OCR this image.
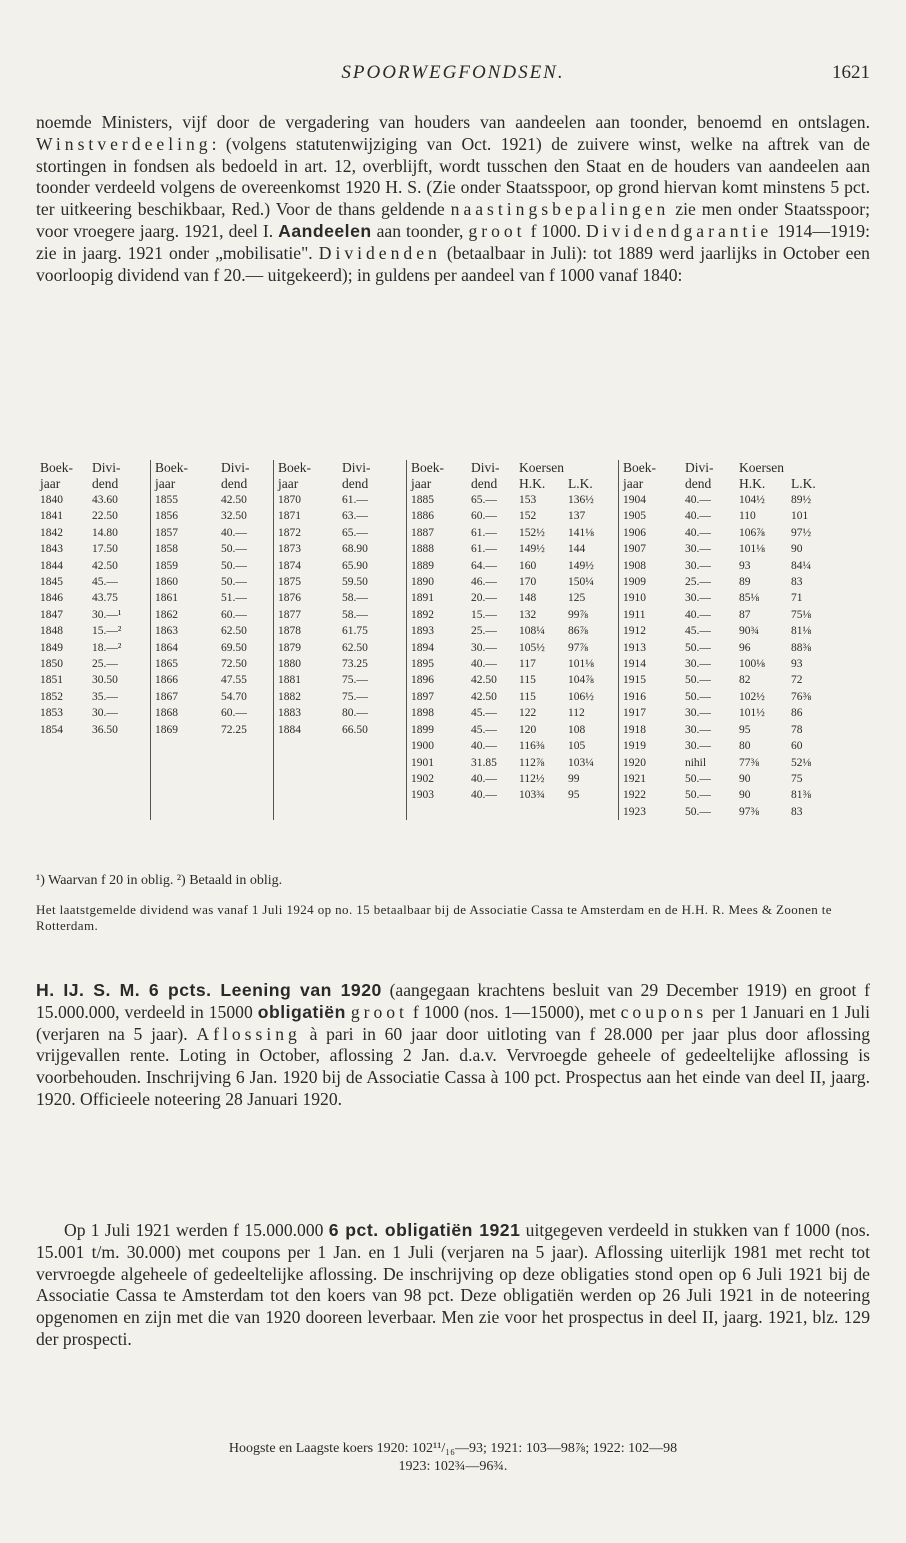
SPOORWEGFONDSEN.	1621
noemde Ministers, vijf door de vergadering van houders van aandeelen aan toonder, benoemd en ontslagen. Winstverdeeling: (volgens statutenwijziging van Oct. 1921) de zuivere winst, welke na aftrek van de stortingen in fondsen als bedoeld in art. 12, overblijft, wordt tusschen den Staat en de houders van aandeelen aan toonder verdeeld volgens de overeenkomst 1920 H. S. (Zie onder Staatsspoor, op grond hiervan komt minstens 5 pct. ter uitkeering beschikbaar, Red.) Voor de thans geldende naastingsbepalingen zie men onder Staatsspoor; voor vroegere jaarg. 1921, deel I. Aandeelen aan toonder, groot f 1000. Dividendgarantie 1914—1919: zie in jaarg. 1921 onder „mobilisatie". Dividenden (betaalbaar in Juli): tot 1889 werd jaarlijks in October een voorloopig dividend van f 20.— uitgekeerd); in guldens per aandeel van f 1000 vanaf 1840:
Boek-	Divi-	Boek-	Divi-	Boek-	Divi-	Boek-	Divi-	Koersen		Boek-	Divi-	Koersen	
jaar	dend	jaar	dend	jaar	dend	jaar	dend	H.K.	L.K.	jaar	dend	H.K.	L.K.
1840	43.60	1855	42.50	1870	61.—	1885	65.—	153	136½	1904	40.—	104½	89½
1841	22.50	1856	32.50	1871	63.—	1886	60.—	152	137	1905	40.—	110	101
1842	14.80	1857	40.—	1872	65.—	1887	61.—	152½	141⅛	1906	40.—	106⅞	97½
1843	17.50	1858	50.—	1873	68.90	1888	61.—	149½	144	1907	30.—	101⅛	90
1844	42.50	1859	50.—	1874	65.90	1889	64.—	160	149½	1908	30.—	93	84¼
1845	45.—	1860	50.—	1875	59.50	1890	46.—	170	150¼	1909	25.—	89	83
1846	43.75	1861	51.—	1876	58.—	1891	20.—	148	125	1910	30.—	85⅛	71
1847	30.—¹	1862	60.—	1877	58.—	1892	15.—	132	99⅞	1911	40.—	87	75⅛
1848	15.—²	1863	62.50	1878	61.75	1893	25.—	108¼	86⅞	1912	45.—	90¾	81⅛
1849	18.—²	1864	69.50	1879	62.50	1894	30.—	105½	97⅞	1913	50.—	96	88⅜
1850	25.—	1865	72.50	1880	73.25	1895	40.—	117	101⅛	1914	30.—	100⅛	93
1851	30.50	1866	47.55	1881	75.—	1896	42.50	115	104⅞	1915	50.—	82	72
1852	35.—	1867	54.70	1882	75.—	1897	42.50	115	106½	1916	50.—	102½	76⅜
1853	30.—	1868	60.—	1883	80.—	1898	45.—	122	112	1917	30.—	101½	86
1854	36.50	1869	72.25	1884	66.50	1899	45.—	120	108	1918	30.—	95	78
						1900	40.—	116⅜	105	1919	30.—	80	60
						1901	31.85	112⅞	103¼	1920	nihil	77⅜	52⅛
						1902	40.—	112½	99	1921	50.—	90	75
						1903	40.—	103¾	95	1922	50.—	90	81⅜
										1923	50.—	97⅜	83
¹) Waarvan f 20 in oblig. ²) Betaald in oblig.
Het laatstgemelde dividend was vanaf 1 Juli 1924 op no. 15 betaalbaar bij de Associatie Cassa te Amsterdam en de H.H. R. Mees & Zoonen te Rotterdam.
H. IJ. S. M. 6 pcts. Leening van 1920 (aangegaan krachtens besluit van 29 December 1919) en groot f 15.000.000, verdeeld in 15000 obligatiën groot f 1000 (nos. 1—15000), met coupons per 1 Januari en 1 Juli (verjaren na 5 jaar). Aflossing à pari in 60 jaar door uitloting van f 28.000 per jaar plus door aflossing vrijgevallen rente. Loting in October, aflossing 2 Jan. d.a.v. Vervroegde geheele of gedeeltelijke aflossing is voorbehouden. Inschrijving 6 Jan. 1920 bij de Associatie Cassa à 100 pct. Prospectus aan het einde van deel II, jaarg. 1920. Officieele noteering 28 Januari 1920.
Op 1 Juli 1921 werden f 15.000.000 6 pct. obligatiën 1921 uitgegeven verdeeld in stukken van f 1000 (nos. 15.001 t/m. 30.000) met coupons per 1 Jan. en 1 Juli (verjaren na 5 jaar). Aflossing uiterlijk 1981 met recht tot vervroegde algeheele of gedeeltelijke aflossing. De inschrijving op deze obligaties stond open op 6 Juli 1921 bij de Associatie Cassa te Amsterdam tot den koers van 98 pct. Deze obligatiën werden op 26 Juli 1921 in de noteering opgenomen en zijn met die van 1920 dooreen leverbaar. Men zie voor het prospectus in deel II, jaarg. 1921, blz. 129 der prospecti.
Hoogste en Laagste koers 1920: 102¹¹/₁₆—93; 1921: 103—98⅞; 1922: 102—98
1923: 102¾—96¾.
